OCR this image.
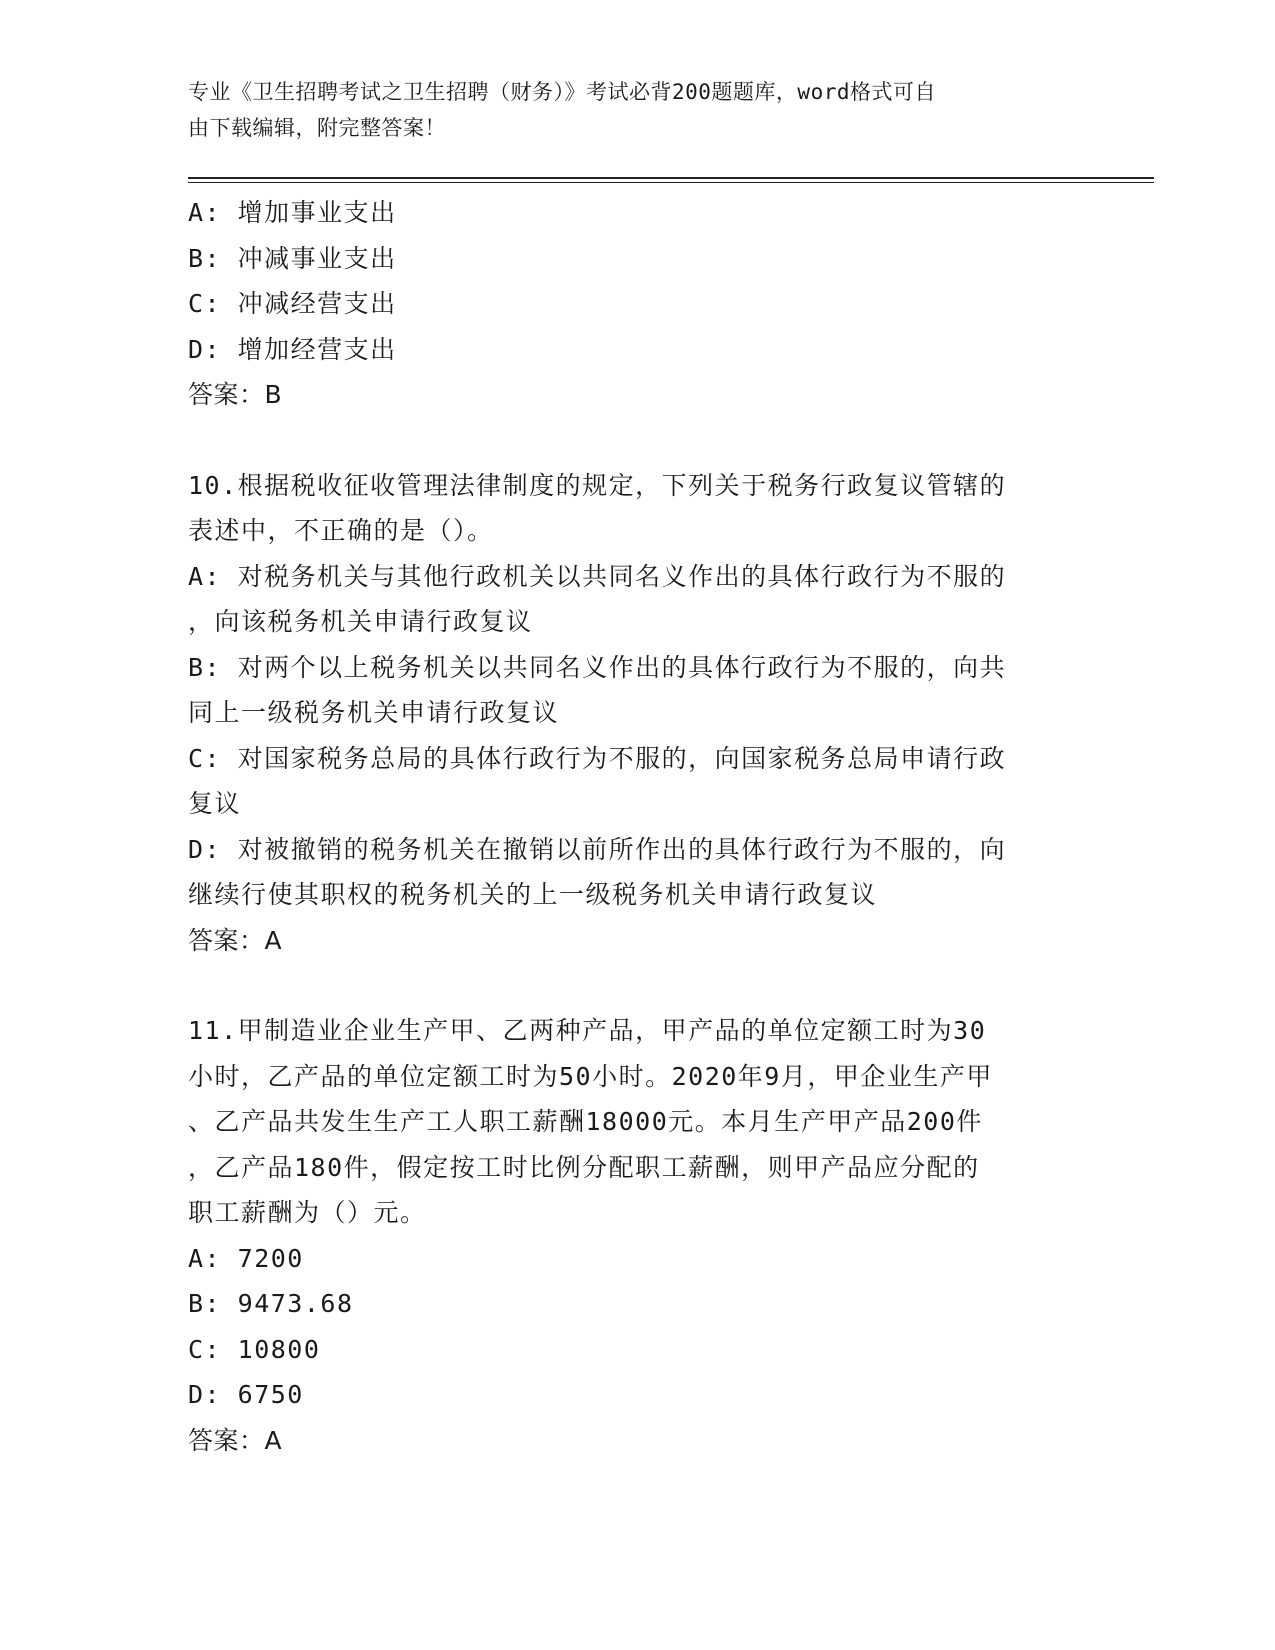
专业《卫生招聘考试之卫生招聘（财务）》考试必背200题题库，word格式可自
由下载编辑，附完整答案！
A: 增加事业支出
B: 冲减事业支出
C: 冲减经营支出
D: 增加经营支出
答案：B
10.根据税收征收管理法律制度的规定，下列关于税务行政复议管辖的
表述中，不正确的是（）。
A: 对税务机关与其他行政机关以共同名义作出的具体行政行为不服的
，向该税务机关申请行政复议
B: 对两个以上税务机关以共同名义作出的具体行政行为不服的，向共
同上一级税务机关申请行政复议
C: 对国家税务总局的具体行政行为不服的，向国家税务总局申请行政
复议
D: 对被撤销的税务机关在撤销以前所作出的具体行政行为不服的，向
继续行使其职权的税务机关的上一级税务机关申请行政复议
答案：A
11.甲制造业企业生产甲、乙两种产品，甲产品的单位定额工时为30
小时，乙产品的单位定额工时为50小时。2020年9月，甲企业生产甲
、乙产品共发生生产工人职工薪酬18000元。本月生产甲产品200件
，乙产品180件，假定按工时比例分配职工薪酬，则甲产品应分配的
职工薪酬为（）元。
A: 7200
B: 9473.68
C: 10800
D: 6750
答案：A
